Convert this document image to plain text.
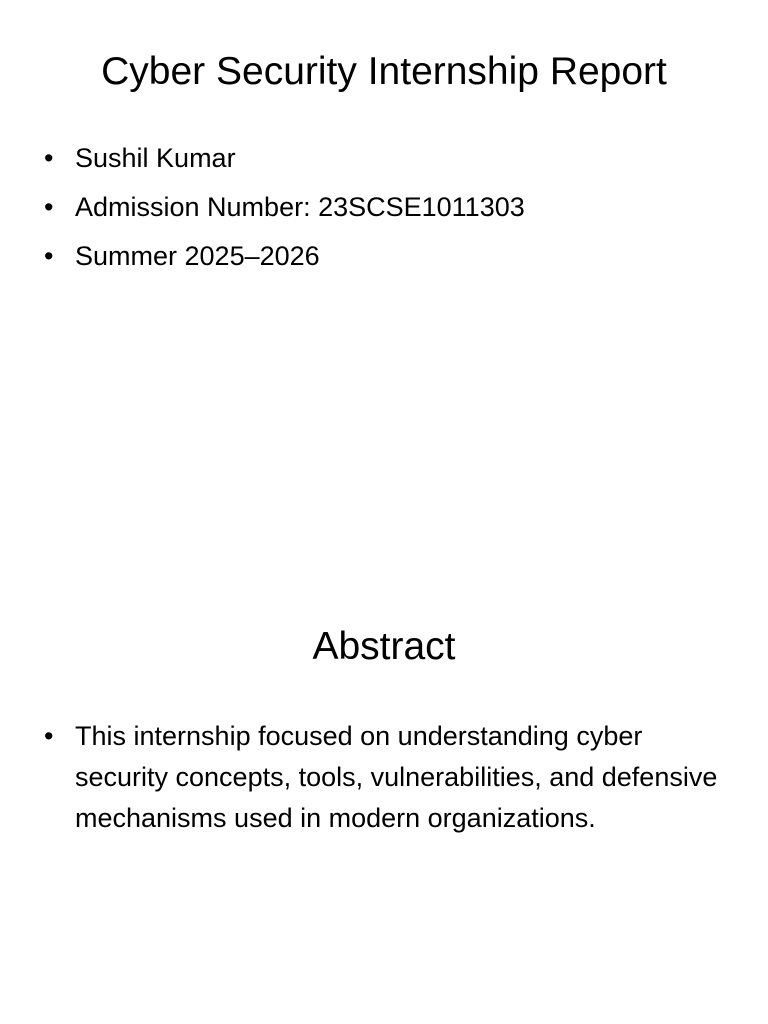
Cyber Security Internship Report
• Sushil Kumar
• Admission Number: 23SCSE1011303
• Summer 2025–2026
Abstract
• This internship focused on understanding cyber security concepts, tools, vulnerabilities, and defensive mechanisms used in modern organizations.
